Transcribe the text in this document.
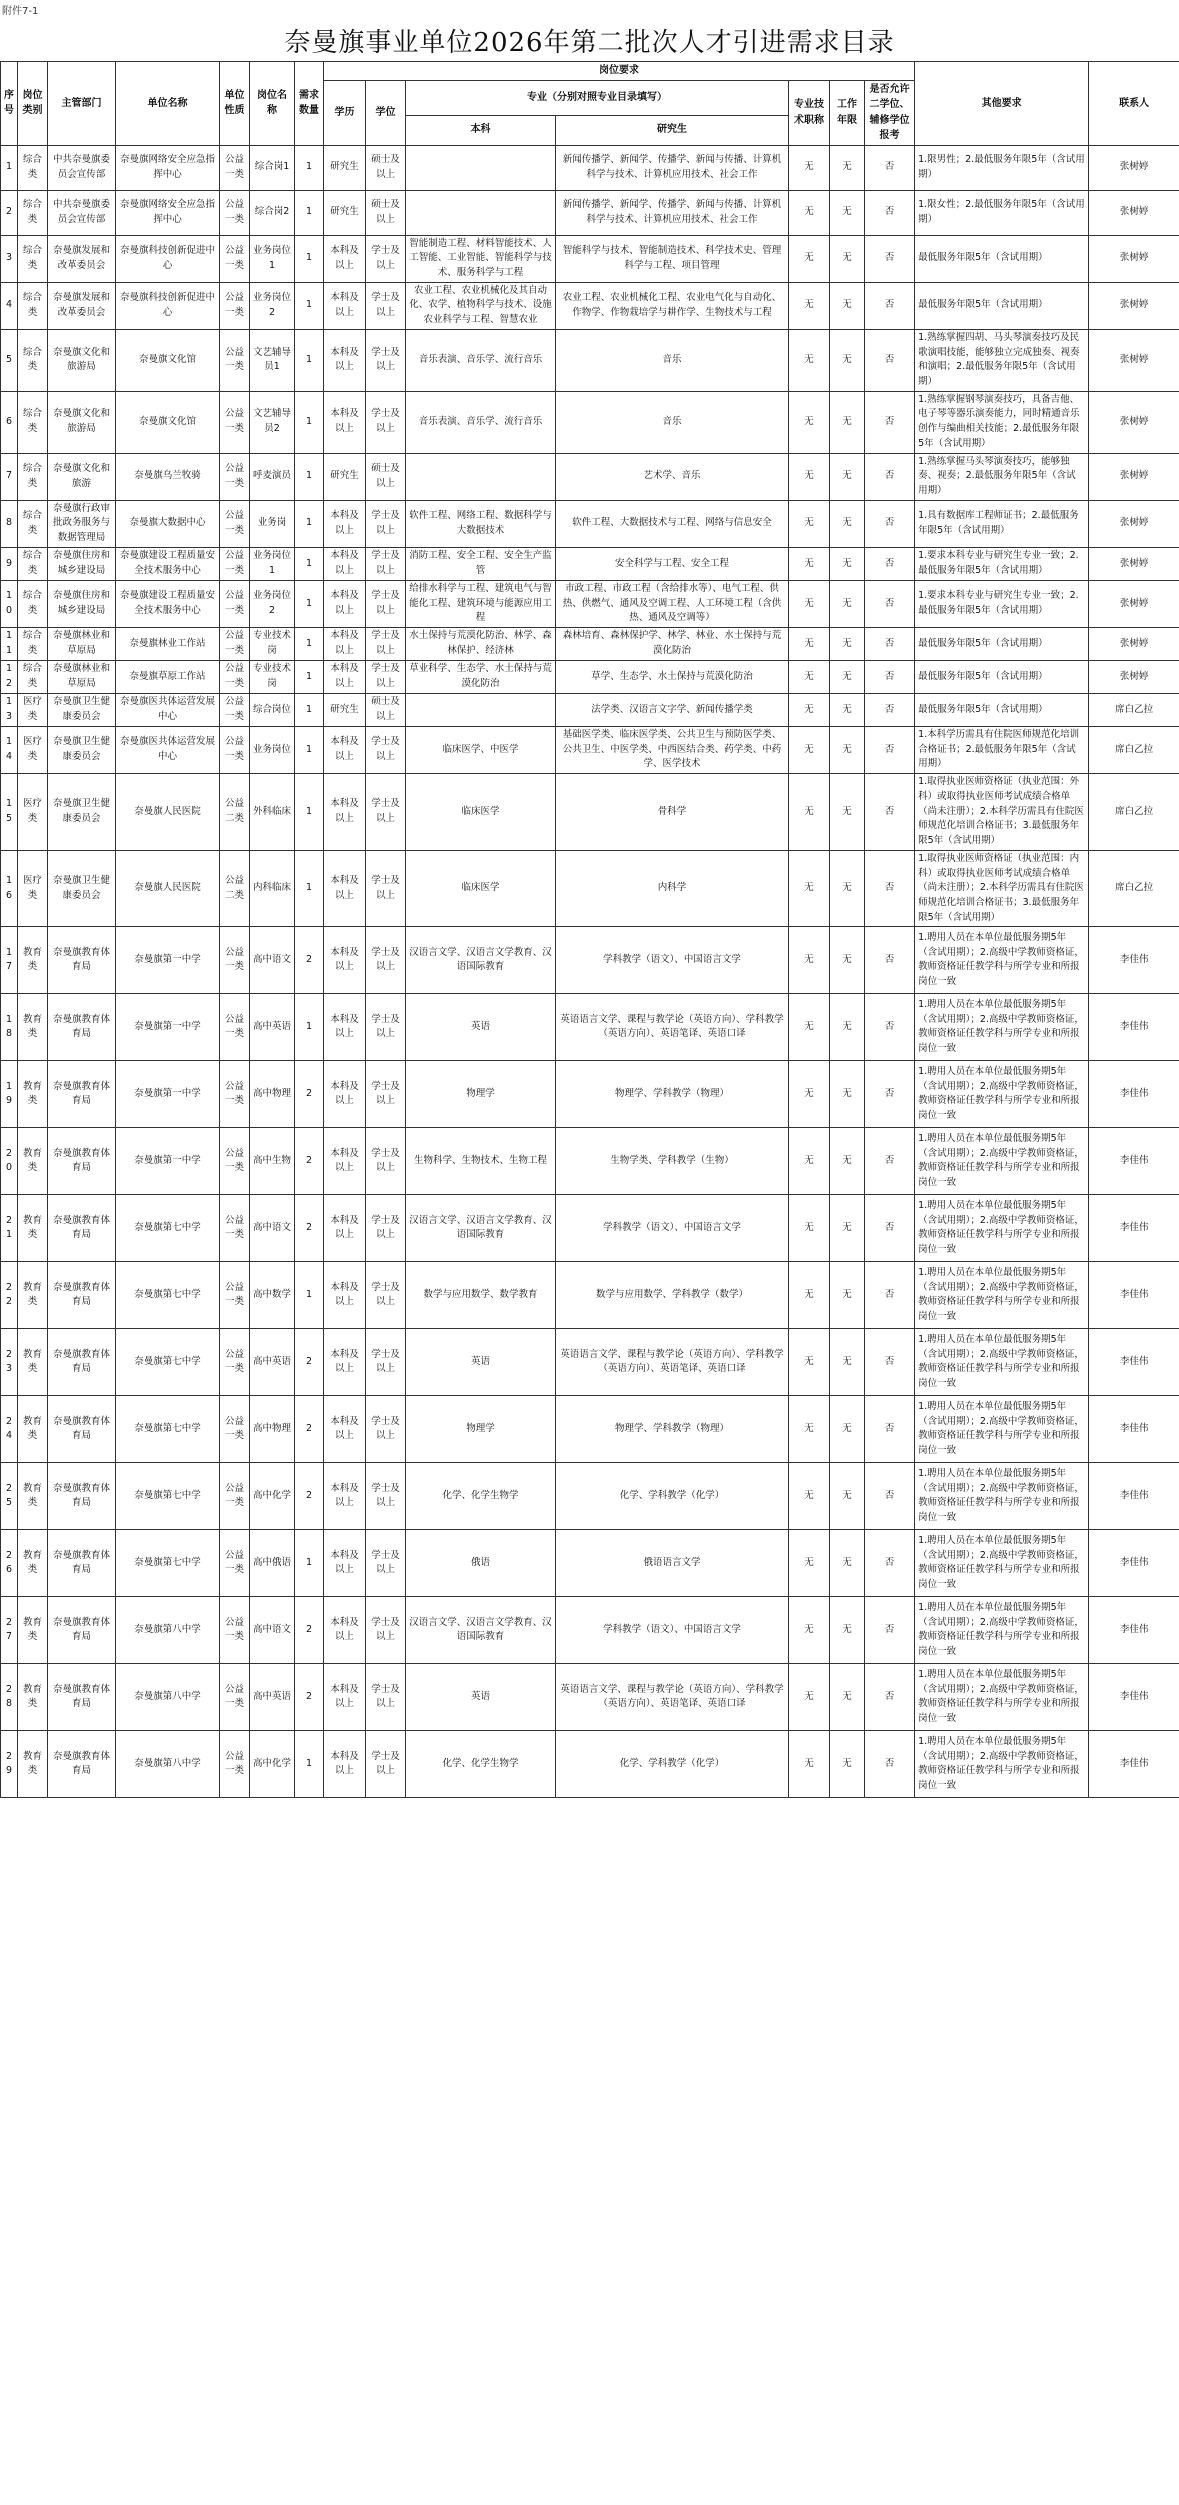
附件7-1
奈曼旗事业单位2026年第二批次人才引进需求目录
序号	岗位类别	主管部门	单位名称	单位性质	岗位名称	需求数量	岗位要求							其他要求	联系人
							学历	学位	专业（分别对照专业目录填写）		专业技术职称	工作年限	是否允许二学位、辅修学位报考		
									本科	研究生					
1	综合类	中共奈曼旗委员会宣传部	奈曼旗网络安全应急指挥中心	公益一类	综合岗1	1	研究生	硕士及以上		新闻传播学、新闻学、传播学、新闻与传播、计算机科学与技术、计算机应用技术、社会工作	无	无	否	1.限男性；2.最低服务年限5年（含试用期）	张树婷
2	综合类	中共奈曼旗委员会宣传部	奈曼旗网络安全应急指挥中心	公益一类	综合岗2	1	研究生	硕士及以上		新闻传播学、新闻学、传播学、新闻与传播、计算机科学与技术、计算机应用技术、社会工作	无	无	否	1.限女性；2.最低服务年限5年（含试用期）	张树婷
3	综合类	奈曼旗发展和改革委员会	奈曼旗科技创新促进中心	公益一类	业务岗位1	1	本科及以上	学士及以上	智能制造工程、材料智能技术、人工智能、工业智能、智能科学与技术、服务科学与工程	智能科学与技术、智能制造技术、科学技术史、管理科学与工程、项目管理	无	无	否	最低服务年限5年（含试用期）	张树婷
4	综合类	奈曼旗发展和改革委员会	奈曼旗科技创新促进中心	公益一类	业务岗位2	1	本科及以上	学士及以上	农业工程、农业机械化及其自动化、农学、植物科学与技术、设施农业科学与工程、智慧农业	农业工程、农业机械化工程、农业电气化与自动化、作物学、作物栽培学与耕作学、生物技术与工程	无	无	否	最低服务年限5年（含试用期）	张树婷
5	综合类	奈曼旗文化和旅游局	奈曼旗文化馆	公益一类	文艺辅导员1	1	本科及以上	学士及以上	音乐表演、音乐学、流行音乐	音乐	无	无	否	1.熟练掌握四胡、马头琴演奏技巧及民歌演唱技能，能够独立完成独奏、视奏和演唱；2.最低服务年限5年（含试用期）	张树婷
6	综合类	奈曼旗文化和旅游局	奈曼旗文化馆	公益一类	文艺辅导员2	1	本科及以上	学士及以上	音乐表演、音乐学、流行音乐	音乐	无	无	否	1.熟练掌握钢琴演奏技巧，具备吉他、电子琴等器乐演奏能力，同时精通音乐创作与编曲相关技能；2.最低服务年限5年（含试用期）	张树婷
7	综合类	奈曼旗文化和旅游	奈曼旗乌兰牧骑	公益一类	呼麦演员	1	研究生	硕士及以上		艺术学、音乐	无	无	否	1.熟练掌握马头琴演奏技巧，能够独奏、视奏；2.最低服务年限5年（含试用期）	张树婷
8	综合类	奈曼旗行政审批政务服务与数据管理局	奈曼旗大数据中心	公益一类	业务岗	1	本科及以上	学士及以上	软件工程、网络工程、数据科学与大数据技术	软件工程、大数据技术与工程、网络与信息安全	无	无	否	1.具有数据库工程师证书；2.最低服务年限5年（含试用期）	张树婷
9	综合类	奈曼旗住房和城乡建设局	奈曼旗建设工程质量安全技术服务中心	公益一类	业务岗位1	1	本科及以上	学士及以上	消防工程、安全工程、安全生产监管	安全科学与工程、安全工程	无	无	否	1.要求本科专业与研究生专业一致；2.最低服务年限5年（含试用期）	张树婷
10	综合类	奈曼旗住房和城乡建设局	奈曼旗建设工程质量安全技术服务中心	公益一类	业务岗位2	1	本科及以上	学士及以上	给排水科学与工程、建筑电气与智能化工程、建筑环境与能源应用工程	市政工程、市政工程（含给排水等）、电气工程、供热、供燃气、通风及空调工程、人工环境工程（含供热、通风及空调等）	无	无	否	1.要求本科专业与研究生专业一致；2.最低服务年限5年（含试用期）	张树婷
11	综合类	奈曼旗林业和草原局	奈曼旗林业工作站	公益一类	专业技术岗	1	本科及以上	学士及以上	水土保持与荒漠化防治、林学、森林保护、经济林	森林培育、森林保护学、林学、林业、水土保持与荒漠化防治	无	无	否	最低服务年限5年（含试用期）	张树婷
12	综合类	奈曼旗林业和草原局	奈曼旗草原工作站	公益一类	专业技术岗	1	本科及以上	学士及以上	草业科学、生态学、水土保持与荒漠化防治	草学、生态学、水土保持与荒漠化防治	无	无	否	最低服务年限5年（含试用期）	张树婷
13	医疗类	奈曼旗卫生健康委员会	奈曼旗医共体运营发展中心	公益一类	综合岗位	1	研究生	硕士及以上		法学类、汉语言文字学、新闻传播学类	无	无	否	最低服务年限5年（含试用期）	席白乙拉
14	医疗类	奈曼旗卫生健康委员会	奈曼旗医共体运营发展中心	公益一类	业务岗位	1	本科及以上	学士及以上	临床医学、中医学	基础医学类、临床医学类、公共卫生与预防医学类、公共卫生、中医学类、中西医结合类、药学类、中药学、医学技术	无	无	否	1.本科学历需具有住院医师规范化培训合格证书；2.最低服务年限5年（含试用期）	席白乙拉
15	医疗类	奈曼旗卫生健康委员会	奈曼旗人民医院	公益二类	外科临床	1	本科及以上	学士及以上	临床医学	骨科学	无	无	否	1.取得执业医师资格证（执业范围：外科）或取得执业医师考试成绩合格单（尚未注册）；2.本科学历需具有住院医师规范化培训合格证书；3.最低服务年限5年（含试用期）	席白乙拉
16	医疗类	奈曼旗卫生健康委员会	奈曼旗人民医院	公益二类	内科临床	1	本科及以上	学士及以上	临床医学	内科学	无	无	否	1.取得执业医师资格证（执业范围：内科）或取得执业医师考试成绩合格单（尚未注册）；2.本科学历需具有住院医师规范化培训合格证书；3.最低服务年限5年（含试用期）	席白乙拉
17	教育类	奈曼旗教育体育局	奈曼旗第一中学	公益一类	高中语文	2	本科及以上	学士及以上	汉语言文学、汉语言文学教育、汉语国际教育	学科教学（语文）、中国语言文学	无	无	否	1.聘用人员在本单位最低服务期5年（含试用期）；2.高级中学教师资格证，教师资格证任教学科与所学专业和所报岗位一致	李佳伟
18	教育类	奈曼旗教育体育局	奈曼旗第一中学	公益一类	高中英语	1	本科及以上	学士及以上	英语	英语语言文学、课程与教学论（英语方向）、学科教学（英语方向）、英语笔译、英语口译	无	无	否	1.聘用人员在本单位最低服务期5年（含试用期）；2.高级中学教师资格证，教师资格证任教学科与所学专业和所报岗位一致	李佳伟
19	教育类	奈曼旗教育体育局	奈曼旗第一中学	公益一类	高中物理	2	本科及以上	学士及以上	物理学	物理学、学科教学（物理）	无	无	否	1.聘用人员在本单位最低服务期5年（含试用期）；2.高级中学教师资格证，教师资格证任教学科与所学专业和所报岗位一致	李佳伟
20	教育类	奈曼旗教育体育局	奈曼旗第一中学	公益一类	高中生物	2	本科及以上	学士及以上	生物科学、生物技术、生物工程	生物学类、学科教学（生物）	无	无	否	1.聘用人员在本单位最低服务期5年（含试用期）；2.高级中学教师资格证，教师资格证任教学科与所学专业和所报岗位一致	李佳伟
21	教育类	奈曼旗教育体育局	奈曼旗第七中学	公益一类	高中语文	2	本科及以上	学士及以上	汉语言文学、汉语言文学教育、汉语国际教育	学科教学（语文）、中国语言文学	无	无	否	1.聘用人员在本单位最低服务期5年（含试用期）；2.高级中学教师资格证，教师资格证任教学科与所学专业和所报岗位一致	李佳伟
22	教育类	奈曼旗教育体育局	奈曼旗第七中学	公益一类	高中数学	1	本科及以上	学士及以上	数学与应用数学、数学教育	数学与应用数学、学科教学（数学）	无	无	否	1.聘用人员在本单位最低服务期5年（含试用期）；2.高级中学教师资格证，教师资格证任教学科与所学专业和所报岗位一致	李佳伟
23	教育类	奈曼旗教育体育局	奈曼旗第七中学	公益一类	高中英语	2	本科及以上	学士及以上	英语	英语语言文学、课程与教学论（英语方向）、学科教学（英语方向）、英语笔译、英语口译	无	无	否	1.聘用人员在本单位最低服务期5年（含试用期）；2.高级中学教师资格证，教师资格证任教学科与所学专业和所报岗位一致	李佳伟
24	教育类	奈曼旗教育体育局	奈曼旗第七中学	公益一类	高中物理	2	本科及以上	学士及以上	物理学	物理学、学科教学（物理）	无	无	否	1.聘用人员在本单位最低服务期5年（含试用期）；2.高级中学教师资格证，教师资格证任教学科与所学专业和所报岗位一致	李佳伟
25	教育类	奈曼旗教育体育局	奈曼旗第七中学	公益一类	高中化学	2	本科及以上	学士及以上	化学、化学生物学	化学、学科教学（化学）	无	无	否	1.聘用人员在本单位最低服务期5年（含试用期）；2.高级中学教师资格证，教师资格证任教学科与所学专业和所报岗位一致	李佳伟
26	教育类	奈曼旗教育体育局	奈曼旗第七中学	公益一类	高中俄语	1	本科及以上	学士及以上	俄语	俄语语言文学	无	无	否	1.聘用人员在本单位最低服务期5年（含试用期）；2.高级中学教师资格证，教师资格证任教学科与所学专业和所报岗位一致	李佳伟
27	教育类	奈曼旗教育体育局	奈曼旗第八中学	公益一类	高中语文	2	本科及以上	学士及以上	汉语言文学、汉语言文学教育、汉语国际教育	学科教学（语文）、中国语言文学	无	无	否	1.聘用人员在本单位最低服务期5年（含试用期）；2.高级中学教师资格证，教师资格证任教学科与所学专业和所报岗位一致	李佳伟
28	教育类	奈曼旗教育体育局	奈曼旗第八中学	公益一类	高中英语	2	本科及以上	学士及以上	英语	英语语言文学、课程与教学论（英语方向）、学科教学（英语方向）、英语笔译、英语口译	无	无	否	1.聘用人员在本单位最低服务期5年（含试用期）；2.高级中学教师资格证，教师资格证任教学科与所学专业和所报岗位一致	李佳伟
29	教育类	奈曼旗教育体育局	奈曼旗第八中学	公益一类	高中化学	1	本科及以上	学士及以上	化学、化学生物学	化学、学科教学（化学）	无	无	否	1.聘用人员在本单位最低服务期5年（含试用期）；2.高级中学教师资格证，教师资格证任教学科与所学专业和所报岗位一致	李佳伟
